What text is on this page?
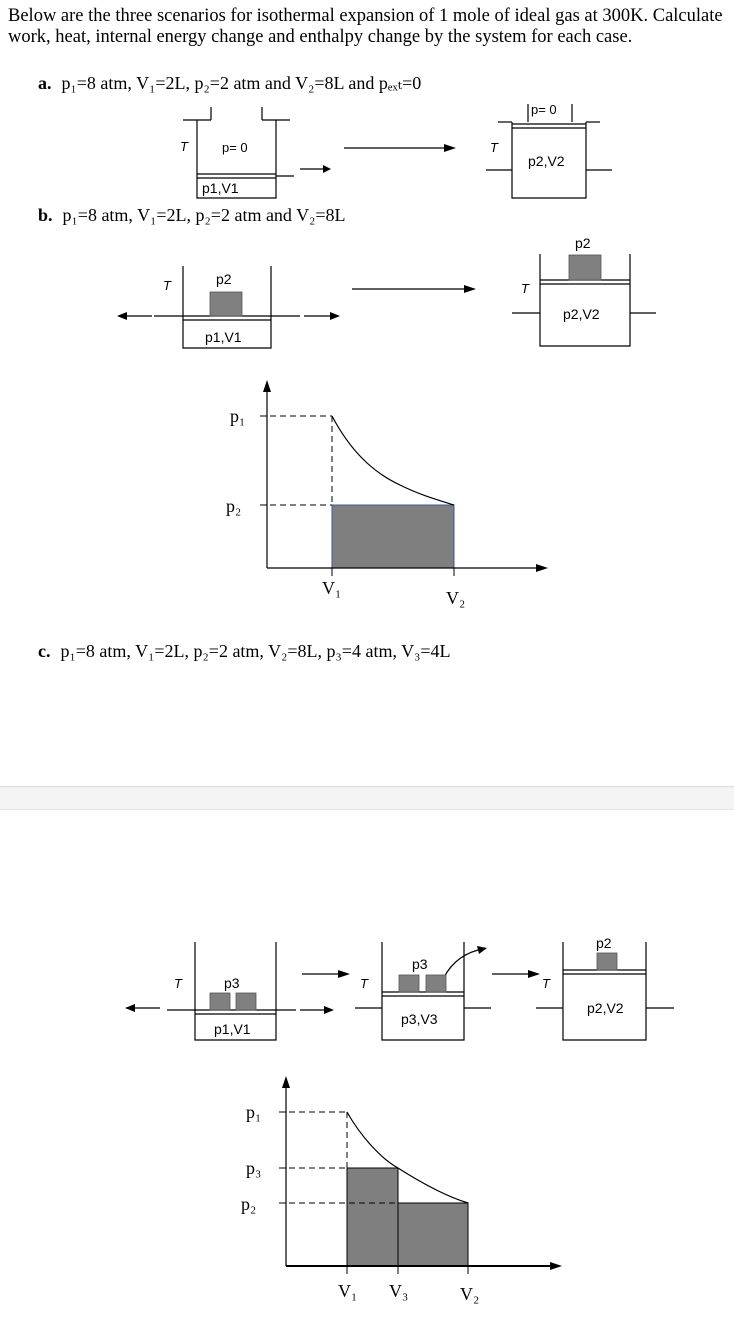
Below are the three scenarios for isothermal expansion of 1 mole of ideal gas at 300K. Calculate work, heat, internal energy change and enthalpy change by the system for each case.

a. p₁=8 atm, V₁=2L, p₂=2 atm and V₂=8L and pₑₓₜ=0
T	p= 0
p1,V1
T
p= 0
p2,V2
b. p₁=8 atm, V₁=2L, p₂=2 atm and V₂=8L
T	p2
p1,V1
T
p2
p2,V2
p₁
p₂
V₁	V₂
c. p₁=8 atm, V₁=2L, p₂=2 atm, V₂=8L, p₃=4 atm, V₃=4L
T	p3
p1,V1
T
p3
p3,V3
T
p2
p2,V2
p₁
p₃
p₂
V₁ V₃	V₂
